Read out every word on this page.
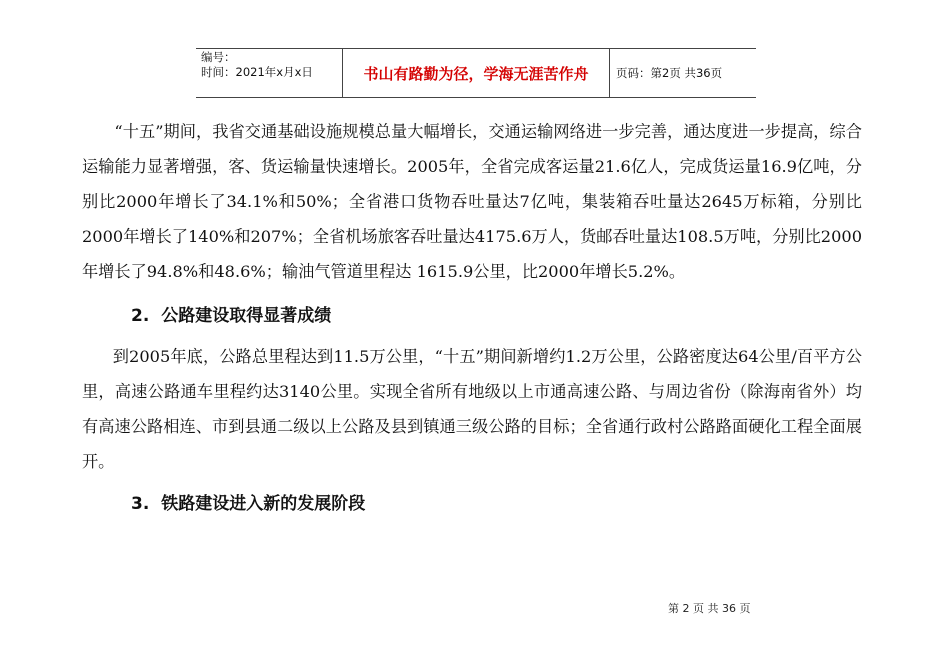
编号：
时间：2021年x月x日	书山有路勤为径，学海无涯苦作舟	页码：第2页 共36页

“十五”期间，我省交通基础设施规模总量大幅增长，交通运输网络进一步完善，通达度进一步提高，综合运输能力显著增强，客、货运输量快速增长。2005年，全省完成客运量21.6亿人，完成货运量16.9亿吨，分别比2000年增长了34.1%和50%；全省港口货物吞吐量达7亿吨，集装箱吞吐量达2645万标箱，分别比2000年增长了140%和207%；全省机场旅客吞吐量达4175.6万人，货邮吞吐量达108.5万吨，分别比2000年增长了94.8%和48.6%；输油气管道里程达 1615.9公里，比2000年增长5.2%。

2. 公路建设取得显著成绩

到2005年底，公路总里程达到11.5万公里，“十五”期间新增约1.2万公里，公路密度达64公里/百平方公里，高速公路通车里程约达3140公里。实现全省所有地级以上市通高速公路、与周边省份（除海南省外）均有高速公路相连、市到县通二级以上公路及县到镇通三级公路的目标；全省通行政村公路路面硬化工程全面展开。

3. 铁路建设进入新的发展阶段
第 2 页 共 36 页
